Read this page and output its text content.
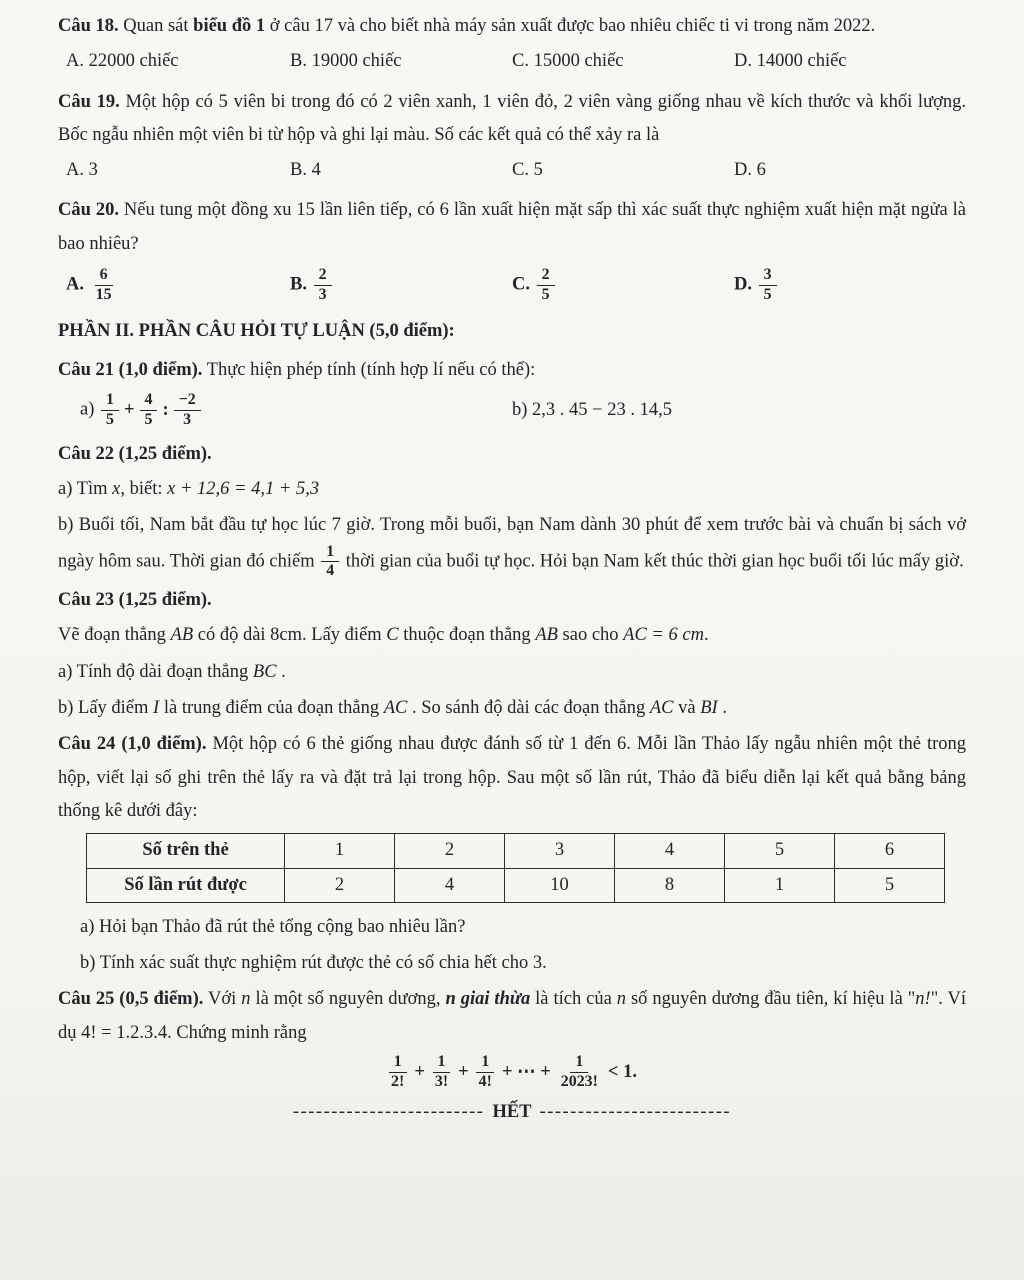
Câu 18. Quan sát biểu đồ 1 ở câu 17 và cho biết nhà máy sản xuất được bao nhiêu chiếc ti vi trong năm 2022.

A. 22000 chiếc	B. 19000 chiếc	C. 15000 chiếc	D. 14000 chiếc

Câu 19. Một hộp có 5 viên bi trong đó có 2 viên xanh, 1 viên đỏ, 2 viên vàng giống nhau về kích thước và khối lượng. Bốc ngẫu nhiên một viên bi từ hộp và ghi lại màu. Số các kết quả có thể xảy ra là

A. 3	B. 4	C. 5	D. 6

Câu 20. Nếu tung một đồng xu 15 lần liên tiếp, có 6 lần xuất hiện mặt sấp thì xác suất thực nghiệm xuất hiện mặt ngửa là bao nhiêu?

A. $\frac{6}{15}$	B. $\frac{2}{3}$	C. $\frac{2}{5}$	D. $\frac{3}{5}$

PHẦN II. PHẦN CÂU HỎI TỰ LUẬN (5,0 điểm):

Câu 21 (1,0 điểm). Thực hiện phép tính (tính hợp lí nếu có thể):

$a) \frac{1}{5} + \frac{4}{5}$ : $\frac{-2}{3}$	b) 2,3 . 45 − 23 . 14,5

Câu 22 (1,25 điểm).

a) Tìm x, biết: x + 12,6 = 4,1 + 5,3

b) Buổi tối, Nam bắt đầu tự học lúc 7 giờ. Trong mỗi buổi, bạn Nam dành 30 phút để xem trước bài và chuẩn bị sách vở ngày hôm sau. Thời gian đó chiếm $\frac{1}{4}$ thời gian của buổi tự học. Hỏi bạn Nam kết thúc thời gian học buổi tối lúc mấy giờ.

Câu 23 (1,25 điểm).

Vẽ đoạn thẳng AB có độ dài 8cm. Lấy điểm C thuộc đoạn thẳng AB sao cho AC = 6 cm.

a) Tính độ dài đoạn thẳng BC .

b) Lấy điểm I là trung điểm của đoạn thẳng AC . So sánh độ dài các đoạn thẳng AC và BI .

Câu 24 (1,0 điểm). Một hộp có 6 thẻ giống nhau được đánh số từ 1 đến 6. Mỗi lần Thảo lấy ngẫu nhiên một thẻ trong hộp, viết lại số ghi trên thẻ lấy ra và đặt trả lại trong hộp. Sau một số lần rút, Thảo đã biểu diễn lại kết quả bằng bảng thống kê dưới đây:

Số trên thẻ	1	2	3	4	5	6
Số lần rút được	2	4	10	8	1	5

a) Hỏi bạn Thảo đã rút thẻ tổng cộng bao nhiêu lần?

b) Tính xác suất thực nghiệm rút được thẻ có số chia hết cho 3.

Câu 25 (0,5 điểm). Với n là một số nguyên dương, n giai thừa là tích của n số nguyên dương đầu tiên, kí hiệu là "n!". Ví dụ 4! = 1.2.3.4. Chứng minh rằng

$\frac{1}{2!} + \frac{1}{3!} + \frac{1}{4!}$ + ⋯ + $\frac{1}{2023!} < 1$.
------------------------- HẾT -------------------------
